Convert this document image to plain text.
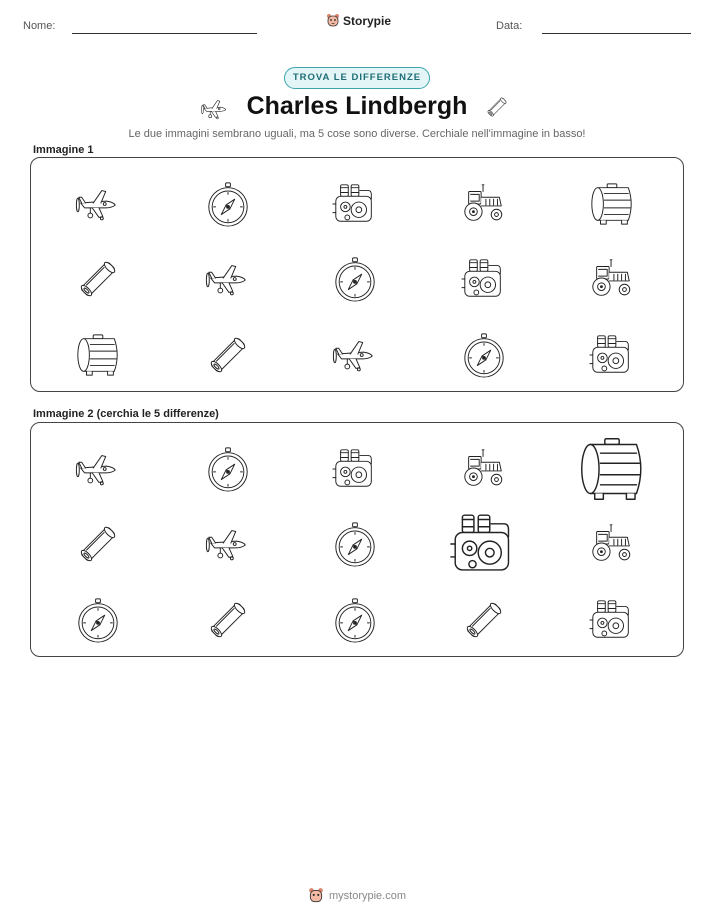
Nome:	Storypie	Data:
TROVA LE DIFFERENZE
Charles Lindbergh
Le due immagini sembrano uguali, ma 5 cose sono diverse. Cerchiale nell'immagine in basso!
Immagine 1
Immagine 2 (cerchia le 5 differenze)
mystorypie.com
